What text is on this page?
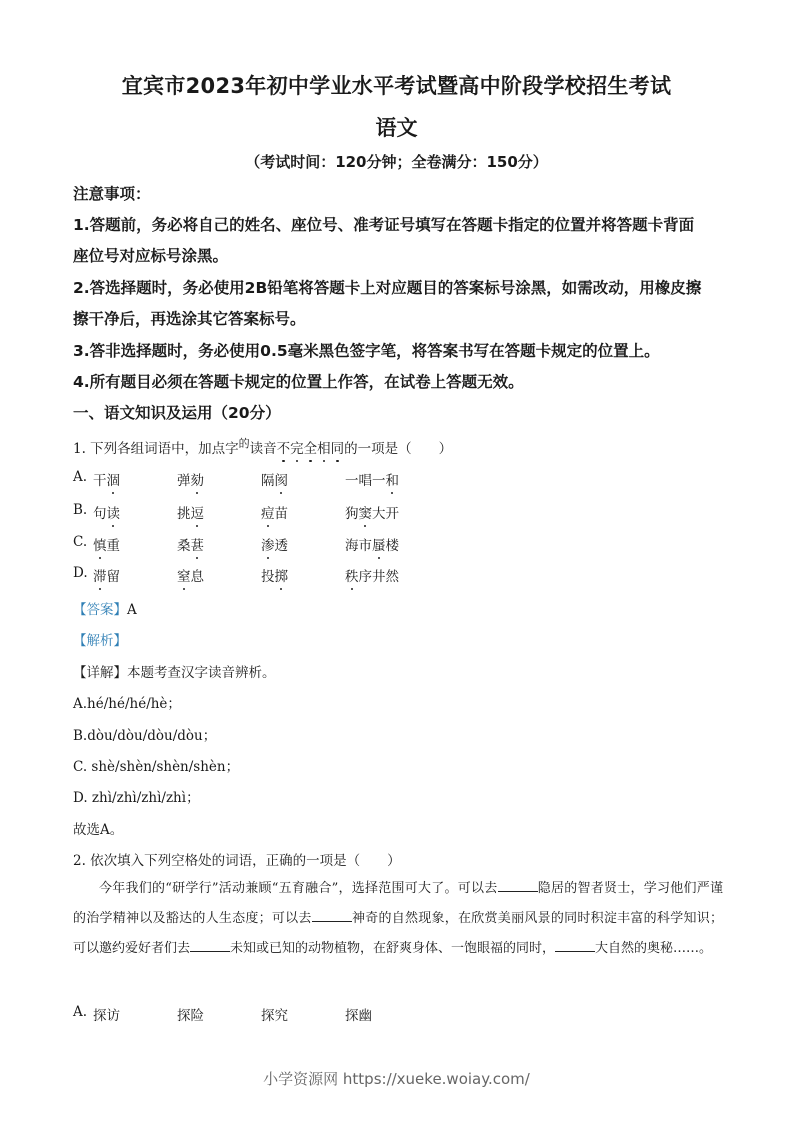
宜宾市2023年初中学业水平考试暨高中阶段学校招生考试
语文
（考试时间：120分钟；全卷满分：150分）
注意事项：
1.答题前，务必将自己的姓名、座位号、准考证号填写在答题卡指定的位置并将答题卡背面
座位号对应标号涂黑。
2.答选择题时，务必使用2B铅笔将答题卡上对应题目的答案标号涂黑，如需改动，用橡皮擦
擦干净后，再选涂其它答案标号。
3.答非选择题时，务必使用0.5毫米黑色签字笔，将答案书写在答题卡规定的位置上。
4.所有题目必须在答题卡规定的位置上作答，在试卷上答题无效。
一、语文知识及运用（20分）
1. 下列各组词语中，加点字$^的$读音不完全相同的一项是（　　）
A. 干涸	弹劾	隔阂	一唱一和
B. 句读	挑逗	痘苗	狗窦大开
C. 慎重	桑葚	渗透	海市蜃楼
D. 滞留	窒息	投掷	秩序井然
【答案】A
【解析】
【详解】本题考查汉字读音辨析。
A.hé/hé/hé/hè；
B.dòu/dòu/dòu/dòu；
C. shè/shèn/shèn/shèn；
D. zhì/zhì/zhì/zhì；
故选A。
2. 依次填入下列空格处的词语，正确的一项是（　　）
今年我们的“研学行”活动兼顾“五育融合”，选择范围可大了。可以去	隐居的智者贤士，学习他们严谨的治学精神以及豁达的人生态度；可以去	神奇的自然现象，在欣赏美丽风景的同时积淀丰富的科学知识；可以邀约爱好者们去	未知或已知的动物植物，在舒爽身体、一饱眼福的同时，	大自然的奥秘……。
A. 探访	探险	探究	探幽
小学资源网 https://xueke.woiay.com/
